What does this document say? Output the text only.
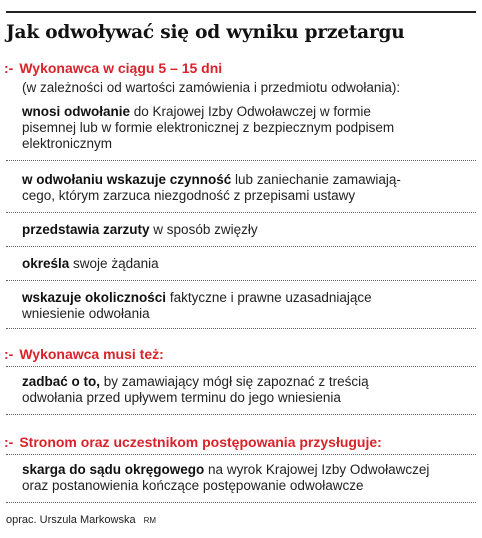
Jak odwoływać się od wyniku przetargu
:- Wykonawca w ciągu 5 – 15 dni
(w zależności od wartości zamówienia i przedmiotu odwołania):
wnosi odwołanie do Krajowej Izby Odwoławczej w formie
pisemnej lub w formie elektronicznej z bezpiecznym podpisem
elektronicznym
w odwołaniu wskazuje czynność lub zaniechanie zamawiają-
cego, którym zarzuca niezgodność z przepisami ustawy
przedstawia zarzuty w sposób zwięzły
określa swoje żądania
wskazuje okoliczności faktyczne i prawne uzasadniające
wniesienie odwołania
:- Wykonawca musi też:
zadbać o to, by zamawiający mógł się zapoznać z treścią
odwołania przed upływem terminu do jego wniesienia
:- Stronom oraz uczestnikom postępowania przysługuje:
skarga do sądu okręgowego na wyrok Krajowej Izby Odwoławczej
oraz postanowienia kończące postępowanie odwoławcze
oprac. Urszula Markowska RM
